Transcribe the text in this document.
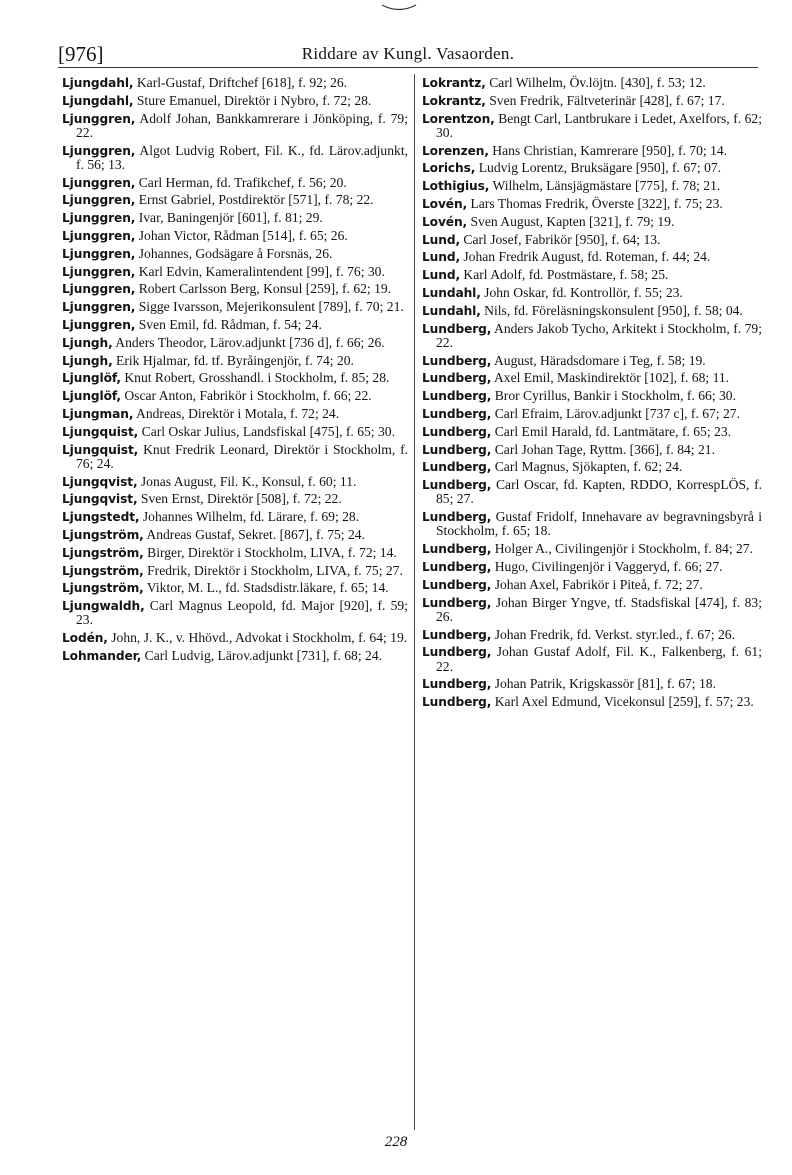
[976]	Riddare av Kungl. Vasaorden.
Ljungdahl, Karl-Gustaf, Driftchef [618], f. 92; 26.
Ljungdahl, Sture Emanuel, Direktör i Nybro, f. 72; 28.
Ljunggren, Adolf Johan, Bankkamrerare i Jönköping, f. 79; 22.
Ljunggren, Algot Ludvig Robert, Fil. K., fd. Lärov.adjunkt, f. 56; 13.
Ljunggren, Carl Herman, fd. Trafikchef, f. 56; 20.
Ljunggren, Ernst Gabriel, Postdirektör [571], f. 78; 22.
Ljunggren, Ivar, Baningenjör [601], f. 81; 29.
Ljunggren, Johan Victor, Rådman [514], f. 65; 26.
Ljunggren, Johannes, Godsägare å Forsnäs, 26.
Ljunggren, Karl Edvin, Kameralintendent [99], f. 76; 30.
Ljunggren, Robert Carlsson Berg, Konsul [259], f. 62; 19.
Ljunggren, Sigge Ivarsson, Mejerikonsulent [789], f. 70; 21.
Ljunggren, Sven Emil, fd. Rådman, f. 54; 24.
Ljungh, Anders Theodor, Lärov.adjunkt [736 d], f. 66; 26.
Ljungh, Erik Hjalmar, fd. tf. Byråingenjör, f. 74; 20.
Ljunglöf, Knut Robert, Grosshandl. i Stockholm, f. 85; 28.
Ljunglöf, Oscar Anton, Fabrikör i Stockholm, f. 66; 22.
Ljungman, Andreas, Direktör i Motala, f. 72; 24.
Ljungquist, Carl Oskar Julius, Landsfiskal [475], f. 65; 30.
Ljungquist, Knut Fredrik Leonard, Direktör i Stockholm, f. 76; 24.
Ljungqvist, Jonas August, Fil. K., Konsul, f. 60; 11.
Ljungqvist, Sven Ernst, Direktör [508], f. 72; 22.
Ljungstedt, Johannes Wilhelm, fd. Lärare, f. 69; 28.
Ljungström, Andreas Gustaf, Sekret. [867], f. 75; 24.
Ljungström, Birger, Direktör i Stockholm, LIVA, f. 72; 14.
Ljungström, Fredrik, Direktör i Stockholm, LIVA, f. 75; 27.
Ljungström, Viktor, M. L., fd. Stadsdistr.läkare, f. 65; 14.
Ljungwaldh, Carl Magnus Leopold, fd. Major [920], f. 59; 23.
Lodén, John, J. K., v. Hhövd., Advokat i Stockholm, f. 64; 19.
Lohmander, Carl Ludvig, Lärov.adjunkt [731], f. 68; 24.
Lokrantz, Carl Wilhelm, Öv.löjtn. [430], f. 53; 12.
Lokrantz, Sven Fredrik, Fältveterinär [428], f. 67; 17.
Lorentzon, Bengt Carl, Lantbrukare i Ledet, Axelfors, f. 62; 30.
Lorenzen, Hans Christian, Kamrerare [950], f. 70; 14.
Lorichs, Ludvig Lorentz, Bruksägare [950], f. 67; 07.
Lothigius, Wilhelm, Länsjägmästare [775], f. 78; 21.
Lovén, Lars Thomas Fredrik, Överste [322], f. 75; 23.
Lovén, Sven August, Kapten [321], f. 79; 19.
Lund, Carl Josef, Fabrikör [950], f. 64; 13.
Lund, Johan Fredrik August, fd. Roteman, f. 44; 24.
Lund, Karl Adolf, fd. Postmästare, f. 58; 25.
Lundahl, John Oskar, fd. Kontrollör, f. 55; 23.
Lundahl, Nils, fd. Föreläsningskonsulent [950], f. 58; 04.
Lundberg, Anders Jakob Tycho, Arkitekt i Stockholm, f. 79; 22.
Lundberg, August, Häradsdomare i Teg, f. 58; 19.
Lundberg, Axel Emil, Maskindirektör [102], f. 68; 11.
Lundberg, Bror Cyrillus, Bankir i Stockholm, f. 66; 30.
Lundberg, Carl Efraim, Lärov.adjunkt [737 c], f. 67; 27.
Lundberg, Carl Emil Harald, fd. Lantmätare, f. 65; 23.
Lundberg, Carl Johan Tage, Ryttm. [366], f. 84; 21.
Lundberg, Carl Magnus, Sjökapten, f. 62; 24.
Lundberg, Carl Oscar, fd. Kapten, RDDO, KorrespLÖS, f. 85; 27.
Lundberg, Gustaf Fridolf, Innehavare av begravningsbyrå i Stockholm, f. 65; 18.
Lundberg, Holger A., Civilingenjör i Stockholm, f. 84; 27.
Lundberg, Hugo, Civilingenjör i Vaggeryd, f. 66; 27.
Lundberg, Johan Axel, Fabrikör i Piteå, f. 72; 27.
Lundberg, Johan Birger Yngve, tf. Stadsfiskal [474], f. 83; 26.
Lundberg, Johan Fredrik, fd. Verkst. styr.led., f. 67; 26.
Lundberg, Johan Gustaf Adolf, Fil. K., Falkenberg, f. 61; 22.
Lundberg, Johan Patrik, Krigskassör [81], f. 67; 18.
Lundberg, Karl Axel Edmund, Vicekonsul [259], f. 57; 23.
228
